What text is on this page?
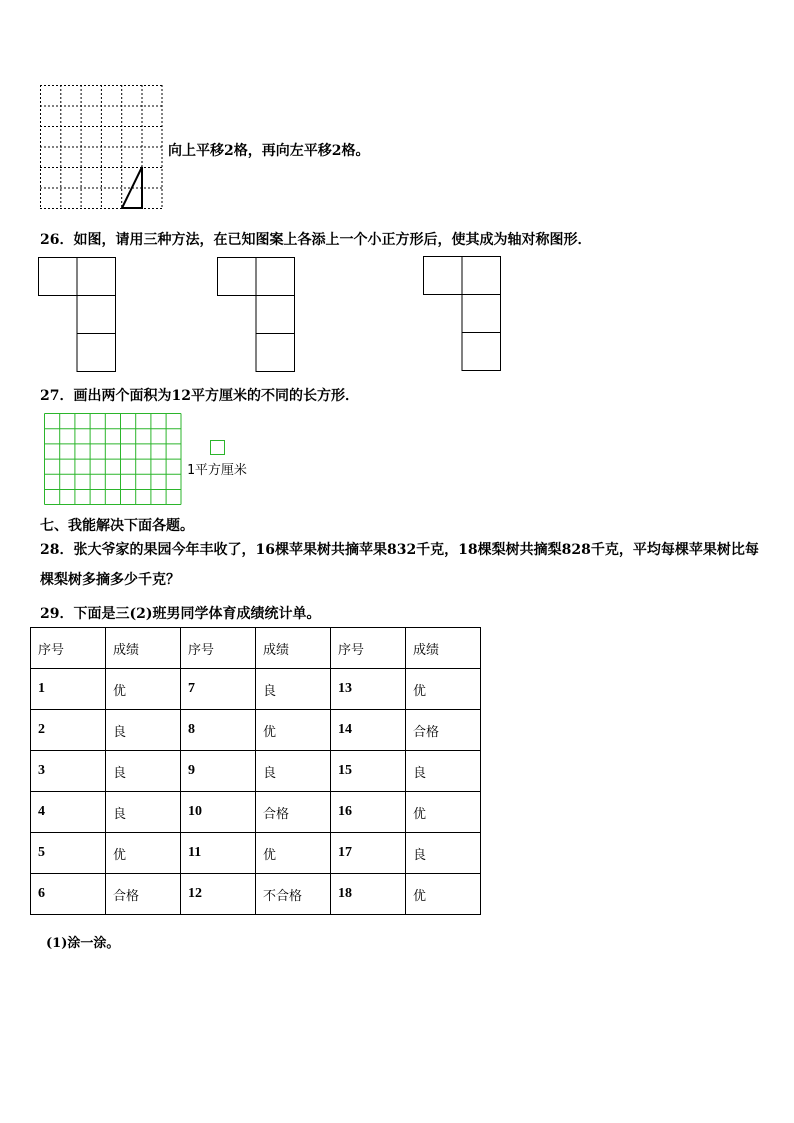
向上平移2格，再向左平移2格。
26．如图，请用三种方法，在已知图案上各添上一个小正方形后，使其成为轴对称图形．
27．画出两个面积为12平方厘米的不同的长方形．
1平方厘米
七、我能解决下面各题。
28．张大爷家的果园今年丰收了，16棵苹果树共摘苹果832千克，18棵梨树共摘梨828千克，平均每棵苹果树比每棵梨树多摘多少千克？
29．下面是三(2)班男同学体育成绩统计单。
序号	成绩	序号	成绩	序号	成绩
1	优	7	良	13	优
2	良	8	优	14	合格
3	良	9	良	15	良
4	良	10	合格	16	优
5	优	11	优	17	良
6	合格	12	不合格	18	优
(1)涂一涂。
